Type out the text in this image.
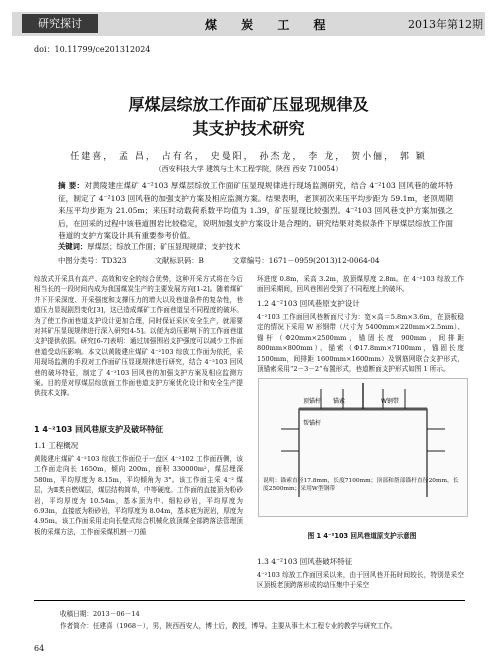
研究探讨	煤 炭 工 程	2013年第12期
doi：10.11799/ce201312024
厚煤层综放工作面矿压显现规律及
其支护技术研究
任建喜， 孟 昌， 占有名， 史曼阳， 孙杰龙， 李 龙， 贺小俪， 郭 颖
（西安科技大学 建筑与土木工程学院，陕西 西安 710054）
摘 要：对黄陵建庄煤矿 4⁻²103 厚煤层综放工作面矿压显现规律进行现场监测研究，结合 4⁻²103 回风巷的破坏特征，制定了 4⁻²103 回风巷的加强支护方案及相应监测方案。结果表明，老顶初次来压平均步距为 59.1m，老顶周期来压平均步距为 21.05m；来压时动载荷系数平均值为 1.39，矿压显现比较强烈。4⁻²103 回风巷支护方案加强之后，在回采的过程中该巷道围岩比较稳定，说明加强支护方案设计是合理的。研究结果对类似条件下厚煤层综放工作面巷道的支护方案设计具有重要参考价值。
关键词：厚煤层；综放工作面；矿压显现规律；支护技术
中图分类号：TD323	文献标识码：B	文章编号：1671－0959(2013)12-0064-04
综放式开采具有高产、高效和安全的综合优势，这种开采方式将在今后相当长的一段时间内成为我国煤炭生产的主要发展方向[1-2]。随着煤矿井下开采深度、开采强度和支撑压力的增大以及巷道条件的复杂性，巷道压力显现剧烈变化[3]，这已造成煤矿工作面巷道呈不同程度的破坏。为了使工作面巷道支护设计更加合理，同时保证采区安全生产，就需要对其矿压显现规律进行深入研究[4-5]。以便为动压影响下的工作面巷道支护提供依据。研究[6-7]表明：通过加强围岩支护强度可以减少工作面巷道受动压影响。本文以黄陵建庄煤矿 4⁻²103 综放工作面为依托，采用现场监测的手段对工作面矿压显现规律进行研究，结合 4⁻²103 回风巷的破坏特征，制定了 4⁻²103 回风巷的加强支护方案及相应监测方案。目的是对厚煤层综放面工作面巷道支护方案优化设计和安全生产提供技术支撑。
1 4⁻²103 回风巷原支护及破坏特征
1.1 工程概况
黄陵建庄煤矿 4⁻²103 综放工作面位于一盘区 4⁻²102 工作面西侧，该工作面走向长 1650m，倾向 200m，面积 330000m²，煤层埋深 580m，平均厚度为 8.15m，平均倾角为 3°。该工作面主采 4⁻² 煤层，为Ⅱ类自燃煤层，煤层结构简单，中等硬度。工作面的直接顶为粉砂岩，平均厚度为 10.54m，基本顶为中、细粒砂岩，平均厚度为 6.93m，直接底为粉砂岩，平均厚度为 8.04m，基本底为泥岩，厚度为 4.95m。该工作面采用走向长壁式综合机械化放顶煤全部跨落法管理顶板的采煤方法，工作面采煤机割一刀循
环进度 0.8m，采高 3.2m，放顶煤厚度 2.8m。在 4⁻²103 综放工作面回采期间，回风巷围岩受到了不同程度上的破坏。
1.2 4⁻²103 回风巷原支护设计
4⁻²103 工作面回风巷断面尺寸为：宽×高＝5.8m×3.6m，在顶板稳定的情况下采用 W 形钢带（尺寸为 5400mm×220mm×2.5mm）、锚杆（Φ20mm×2500mm，锚固长度 900mm，间排距 800mm×800mm）、锚索（Φ17.8mm×7100mm，锚固长度 1500mm，间排距 1600mm×1600mm）及钢筋网联合支护形式，顶锚索采用“2－3－2”布置形式，巷道断面支护形式如图 1 所示。
顶锚杆 锚索	W钢带
帮锚杆
说明：锚索直径17.8mm，长度7100mm；顶部和帮部锚杆直径20mm，长度2500mm；采用W型钢带
图 1 4⁻²103 回风巷道原支护示意图
1.3 4⁻²103 回风巷破坏特征
4⁻²103 综放工作面回采以来，由于回风巷开拓时间较长，特别是采空区顶板老顶跨落形成的动压集中于采空
收稿日期：2013－06－14
作者简介：任建喜（1968－），男，陕西西安人，博士后，教授，博导。主要从事土木工程专业的教学与研究工作。
64
